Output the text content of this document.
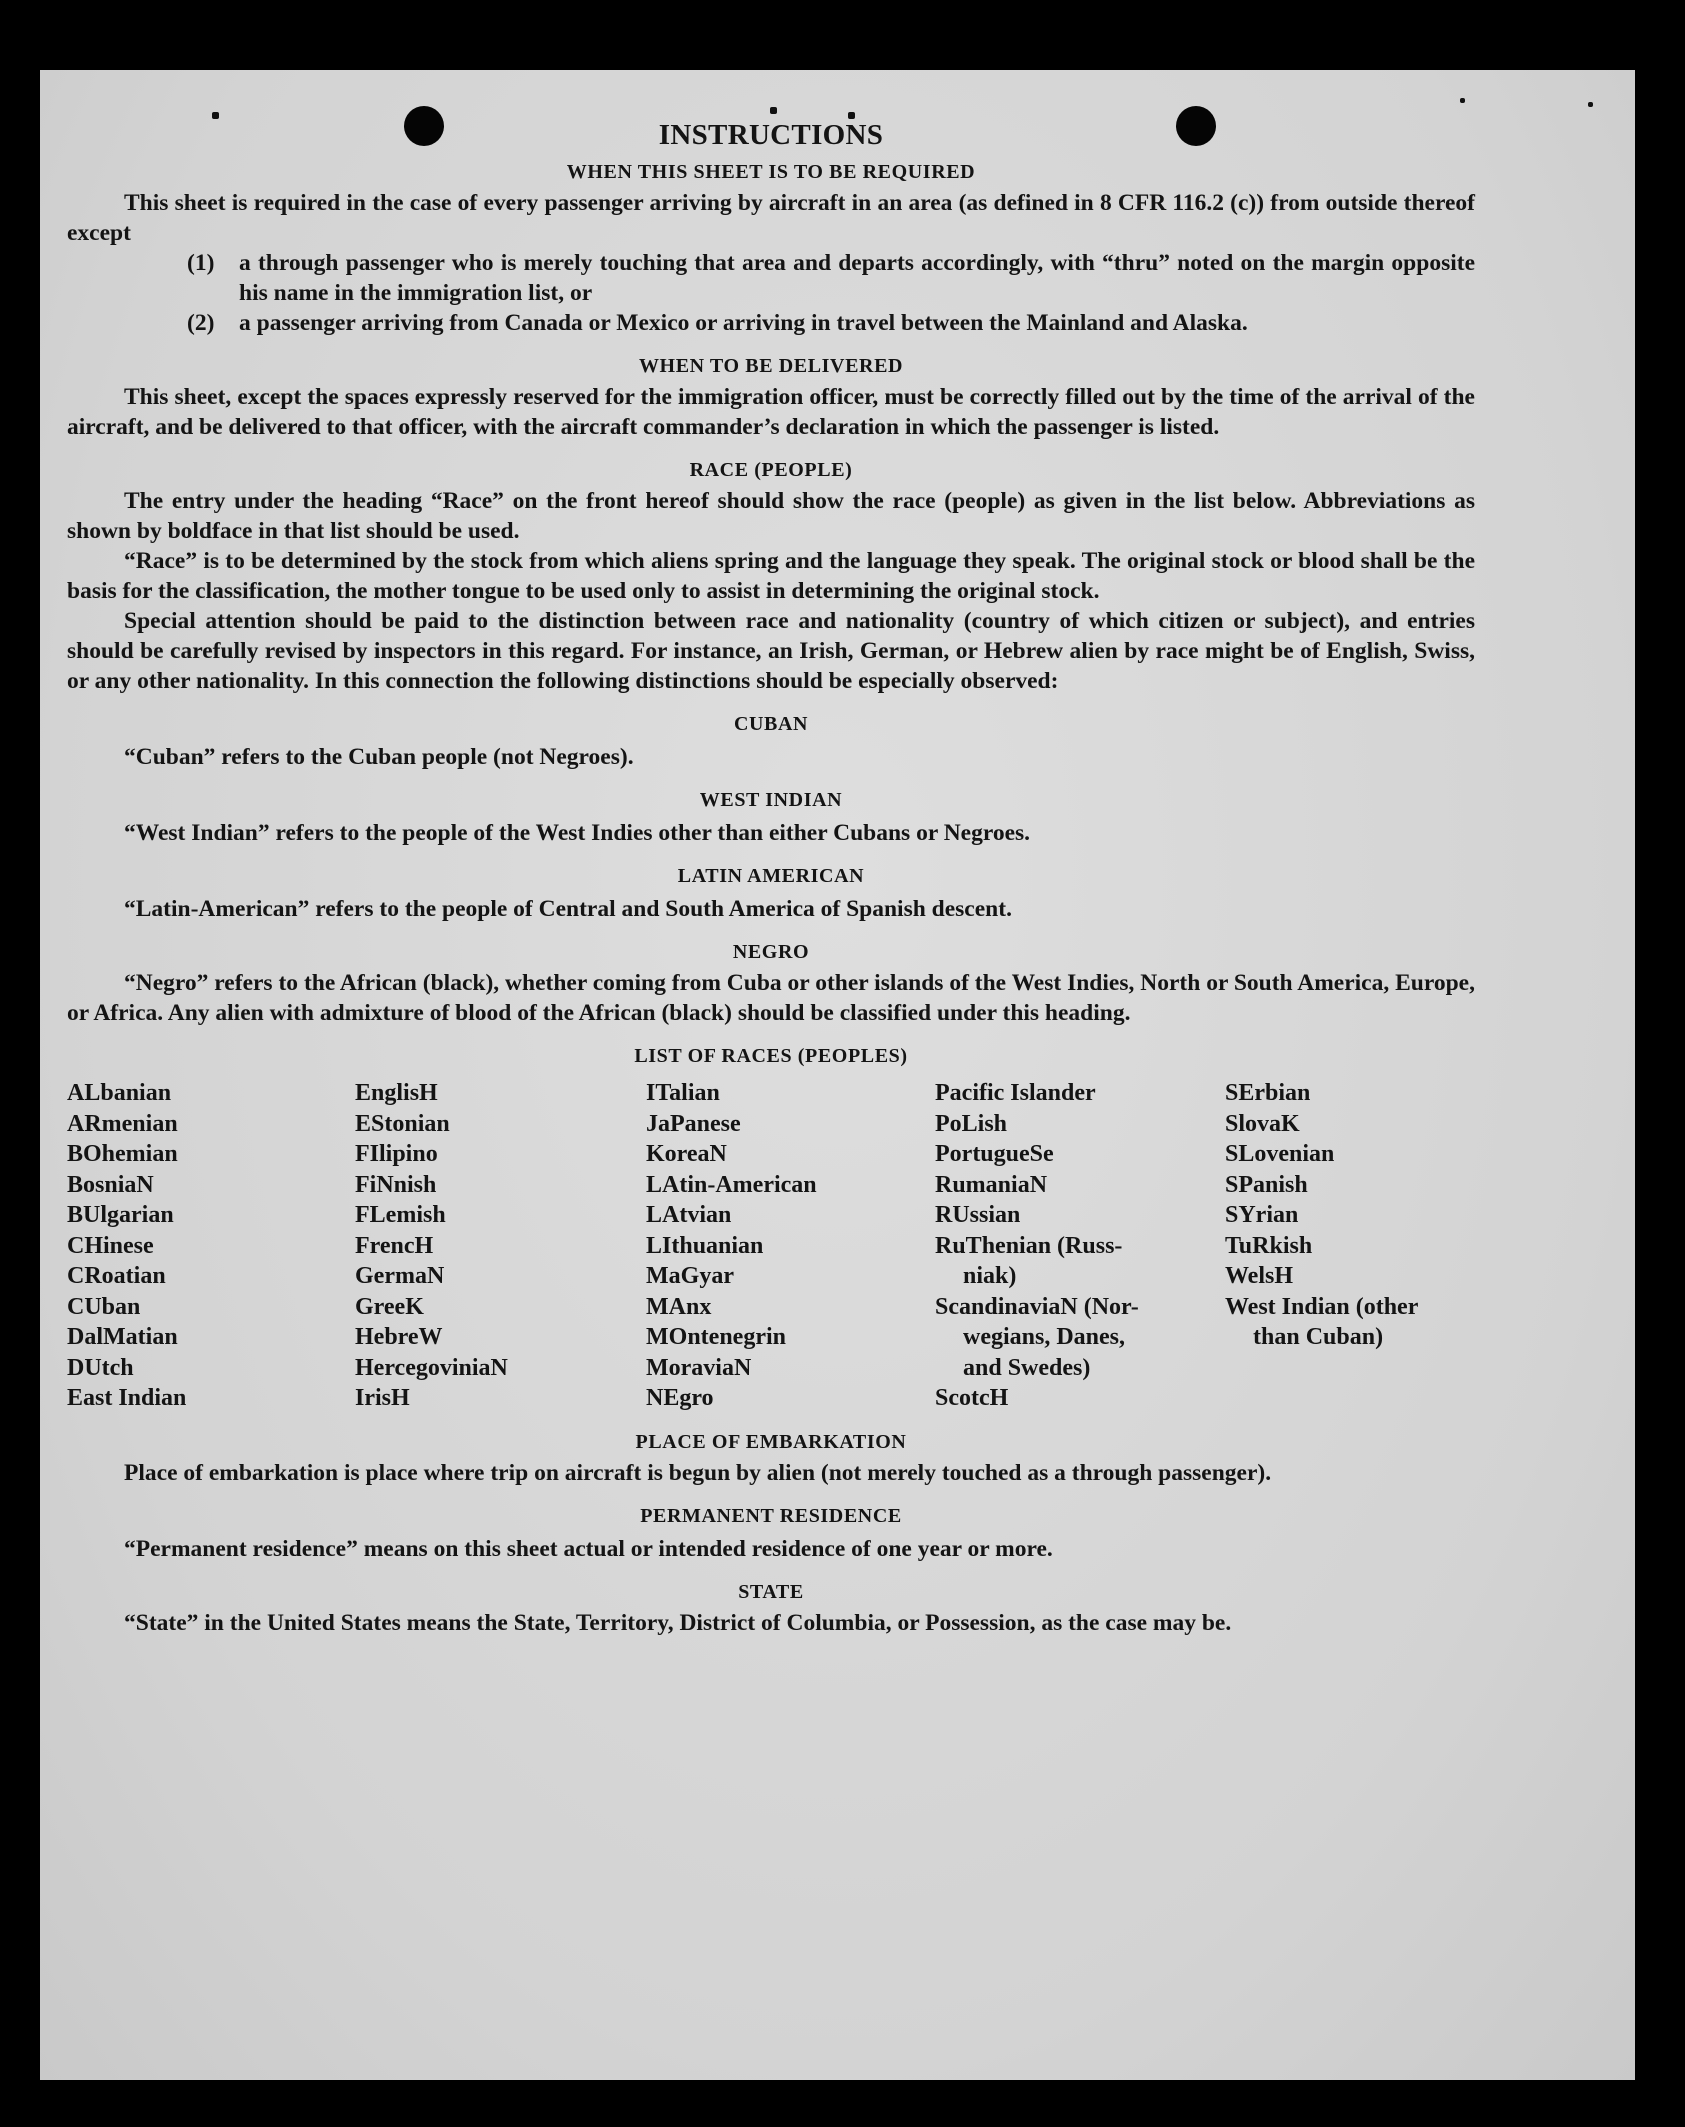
INSTRUCTIONS
WHEN THIS SHEET IS TO BE REQUIRED

This sheet is required in the case of every passenger arriving by aircraft in an area (as defined in 8 CFR 116.2 (c)) from outside thereof except

(1)	a through passenger who is merely touching that area and departs accordingly, with “thru” noted on the margin opposite his name in the immigration list, or
(2)	a passenger arriving from Canada or Mexico or arriving in travel between the Mainland and Alaska.
WHEN TO BE DELIVERED

This sheet, except the spaces expressly reserved for the immigration officer, must be correctly filled out by the time of the arrival of the aircraft, and be delivered to that officer, with the aircraft commander’s declaration in which the passenger is listed.

RACE (PEOPLE)

The entry under the heading “Race” on the front hereof should show the race (people) as given in the list below. Abbreviations as shown by boldface in that list should be used.

“Race” is to be determined by the stock from which aliens spring and the language they speak. The original stock or blood shall be the basis for the classification, the mother tongue to be used only to assist in determining the original stock.

Special attention should be paid to the distinction between race and nationality (country of which citizen or subject), and entries should be carefully revised by inspectors in this regard. For instance, an Irish, German, or Hebrew alien by race might be of English, Swiss, or any other nationality. In this connection the following distinctions should be especially observed:

CUBAN

“Cuban” refers to the Cuban people (not Negroes).

WEST INDIAN

“West Indian” refers to the people of the West Indies other than either Cubans or Negroes.

LATIN AMERICAN

“Latin-American” refers to the people of Central and South America of Spanish descent.

NEGRO

“Negro” refers to the African (black), whether coming from Cuba or other islands of the West Indies, North or South America, Europe, or Africa. Any alien with admixture of blood of the African (black) should be classified under this heading.

LIST OF RACES (PEOPLES)
ALbanian
ARmenian
BOhemian
BosniaN
BUlgarian
CHinese
CRoatian
CUban
DalMatian
DUtch
East Indian
EnglisH
EStonian
FIlipino
FiNnish
FLemish
FrencH
GermaN
GreeK
HebreW
HercegoviniaN
IrisH
ITalian
JaPanese
KoreaN
LAtin-American
LAtvian
LIthuanian
MaGyar
MAnx
MOntenegrin
MoraviaN
NEgro
Pacific Islander
PoLish
PortugueSe
RumaniaN
RUssian
RuThenian (Russ-
niak)
ScandinaviaN (Nor-
wegians, Danes,
and Swedes)
ScotcH
SErbian
SlovaK
SLovenian
SPanish
SYrian
TuRkish
WelsH
West Indian (other
than Cuban)
PLACE OF EMBARKATION

Place of embarkation is place where trip on aircraft is begun by alien (not merely touched as a through passenger).

PERMANENT RESIDENCE

“Permanent residence” means on this sheet actual or intended residence of one year or more.

STATE

“State” in the United States means the State, Territory, District of Columbia, or Possession, as the case may be.
